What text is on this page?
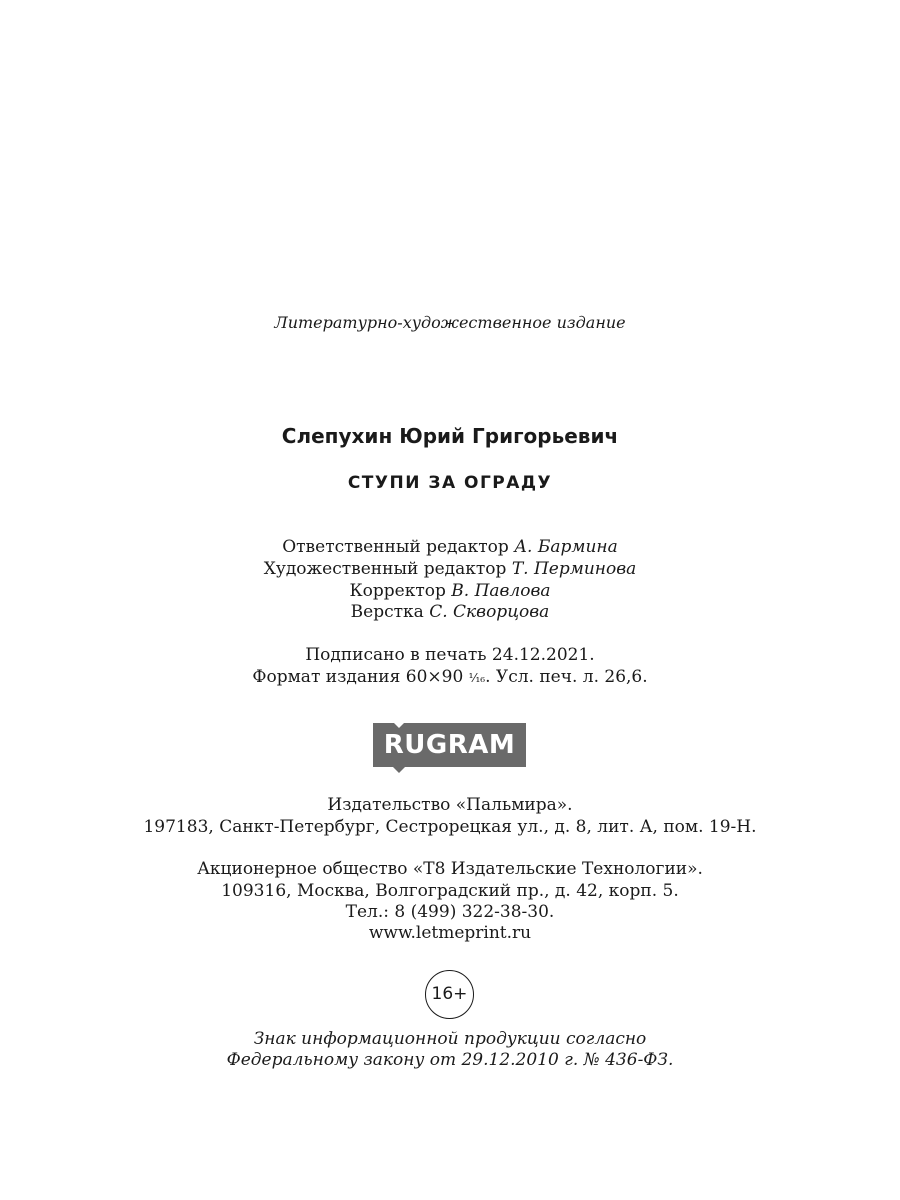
Литературно-художественное издание
Слепухин Юрий Григорьевич
СТУПИ ЗА ОГРАДУ
Ответственный редактор А. Бармина
Художественный редактор Т. Перминова
Корректор В. Павлова
Верстка С. Скворцова
Подписано в печать 24.12.2021.
Формат издания 60×90 ¹⁄₁₆. Усл. печ. л. 26,6.
RUGRAM
Издательство «Пальмира».
197183, Санкт-Петербург, Сестрорецкая ул., д. 8, лит. А, пом. 19-Н.
Акционерное общество «Т8 Издательские Технологии».
109316, Москва, Волгоградский пр., д. 42, корп. 5.
Тел.: 8 (499) 322-38-30.
www.letmeprint.ru
16+
Знак информационной продукции согласно
Федеральному закону от 29.12.2010 г. № 436-ФЗ.
